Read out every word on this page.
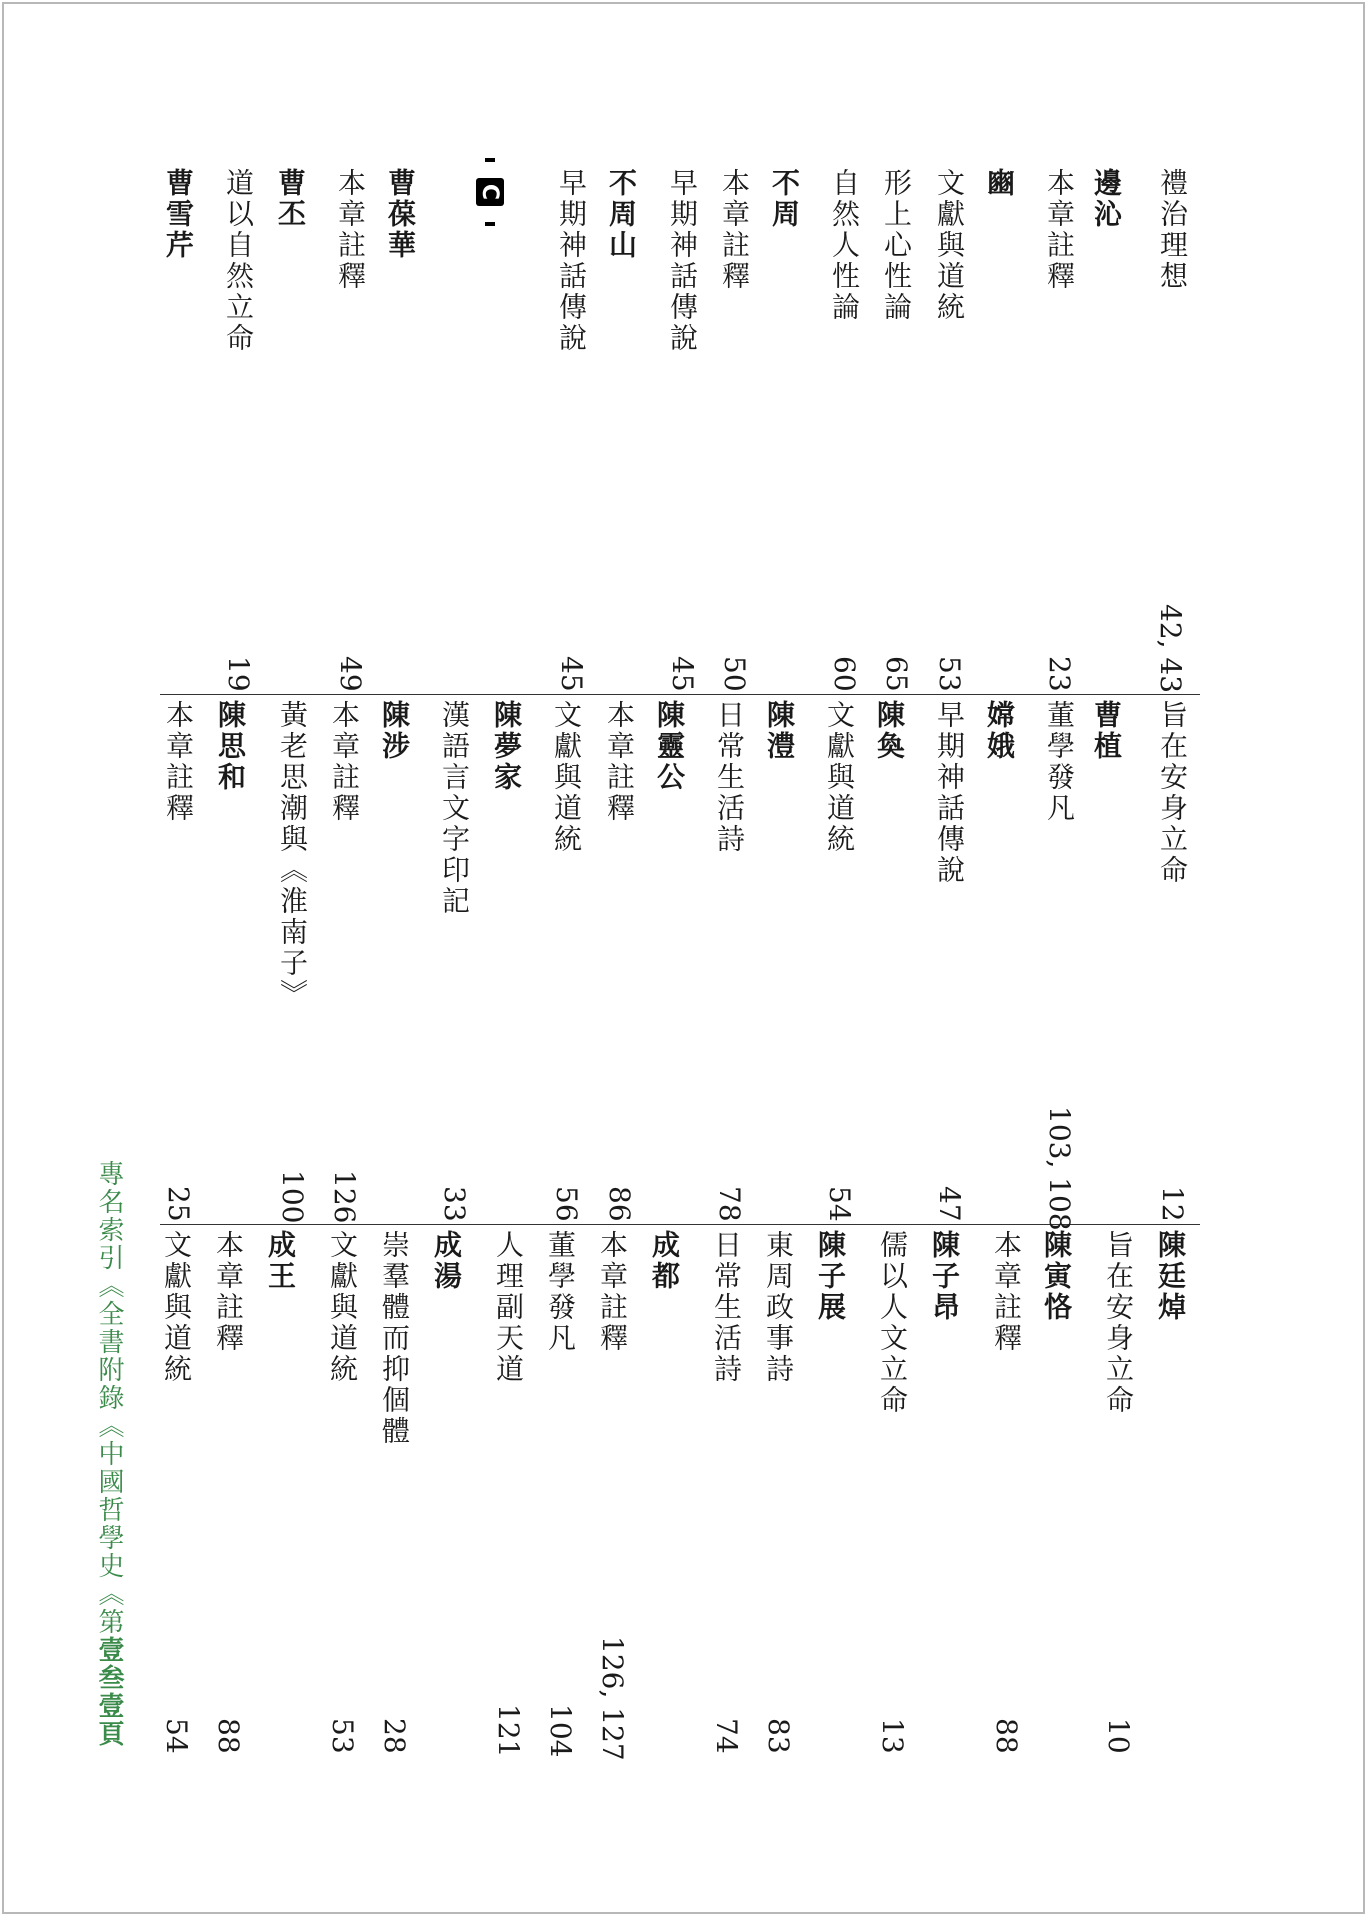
禮治理想
邊沁
本章註釋
豳
文獻與道統
形上心性論
自然人性論
不周
本章註釋
早期神話傳說
不周山
早期神話傳說
C
曹葆華
本章註釋
曹丕
道以自然立命
曹雪芹
42, 43
23
53
65
60
50
45
45
49
19
旨在安身立命
曹植
董學發凡
嫦娥
早期神話傳說
陳奐
文獻與道統
陳澧
日常生活詩
陳靈公
本章註釋
文獻與道統
陳夢家
漢語言文字印記
陳涉
本章註釋
黃老思潮與《淮南子》
陳思和
本章註釋
12
103, 108
47
54
78
86
56
33
126
100
25
陳廷焯
旨在安身立命
陳寅恪
本章註釋
陳子昂
儒以人文立命
陳子展
東周政事詩
日常生活詩
成都
本章註釋
董學發凡
人理副天道
成湯
崇羣體而抑個體
文獻與道統
成王
本章註釋
文獻與道統
10
88
13
83
74
126, 127
104
121
28
53
88
54
專名索引《全書附錄《中國哲學史《第壹叁壹頁
